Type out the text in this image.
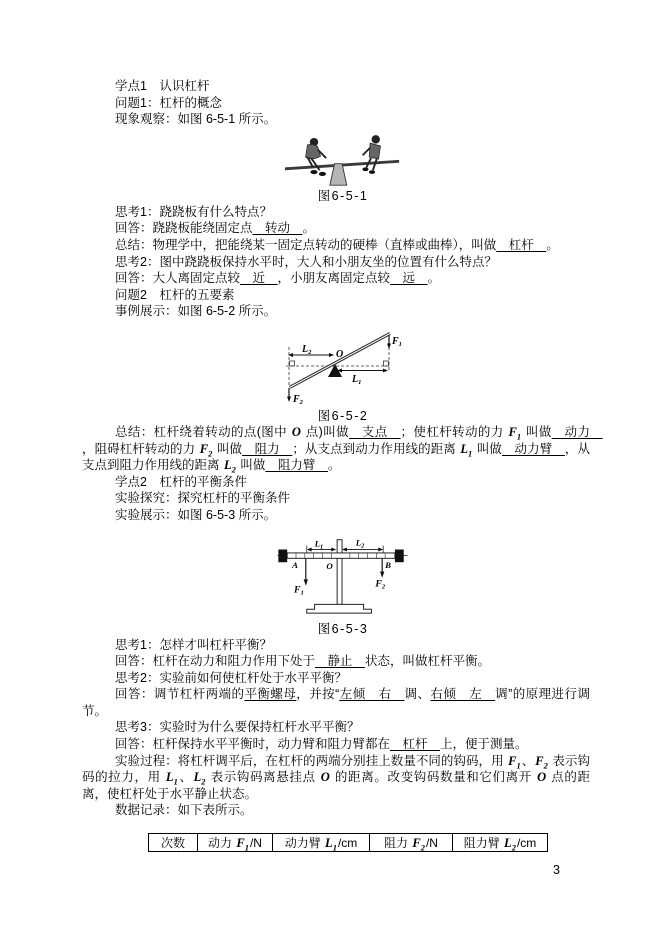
学点1　认识杠杆
问题1：杠杆的概念
现象观察：如图 6-5-1 所示。
图6-5-1
思考1：跷跷板有什么特点？
回答：跷跷板能绕固定点　转动　。
总结：物理学中，把能绕某一固定点转动的硬棒（直棒或曲棒），叫做　杠杆　。
思考2：图中跷跷板保持水平时，大人和小朋友坐的位置有什么特点？
回答：大人离固定点较　近　，小朋友离固定点较　远　。
问题2　杠杆的五要素
事例展示：如图 6-5-2 所示。
$L_2$
$L_1$
$F_1$
$F_2$
O
图6-5-2
总结：杠杆绕着转动的点(图中 O 点)叫做　支点　；使杠杆转动的力 $F_1$ 叫做　动力　，阻碍杠杆转动的力 $F_2$ 叫做　阻力　；从支点到动力作用线的距离 $L_1$ 叫做　动力臂　，从支点到阻力作用线的距离 $L_2$ 叫做　阻力臂　。
学点2　杠杆的平衡条件
实验探究：探究杠杆的平衡条件
实验展示：如图 6-5-3 所示。
$L_1$	$L_2$
$F_1$
$F_2$
A	B
O
图6-5-3
思考1：怎样才叫杠杆平衡？
回答：杠杆在动力和阻力作用下处于　静止　状态，叫做杠杆平衡。
思考2：实验前如何使杠杆处于水平平衡？
回答：调节杠杆两端的平衡螺母，并按“左倾　右　调、右倾　左　调”的原理进行调节。
思考3：实验时为什么要保持杠杆水平平衡？
回答：杠杆保持水平平衡时，动力臂和阻力臂都在　杠杆　上，便于测量。
实验过程：将杠杆调平后，在杠杆的两端分别挂上数量不同的钩码，用 $F_1$、$F_2$ 表示钩码的拉力，用 $L_1$、$L_2$ 表示钩码离悬挂点 O 的距离。改变钩码数量和它们离开 O 点的距离，使杠杆处于水平静止状态。
数据记录：如下表所示。
次数	动力 $F_1/N$	动力臂 $L_1/cm$	阻力 $F_2/N$	阻力臂 $L_2/cm$
3
